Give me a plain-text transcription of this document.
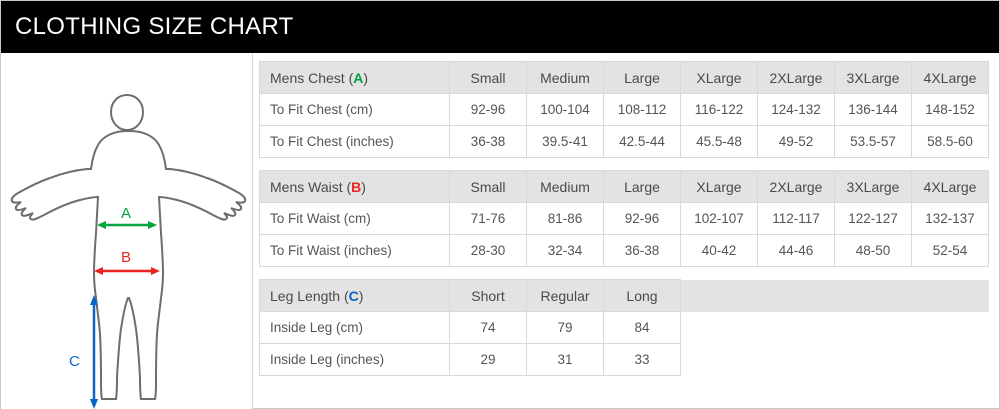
CLOTHING SIZE CHART
A
B
C
Mens Chest (A)	Small	Medium	Large	XLarge	2XLarge	3XLarge	4XLarge
To Fit Chest (cm)	92-96	100-104	108-112	116-122	124-132	136-144	148-152
To Fit Chest (inches)	36-38	39.5-41	42.5-44	45.5-48	49-52	53.5-57	58.5-60
Mens Waist (B)	Small	Medium	Large	XLarge	2XLarge	3XLarge	4XLarge
To Fit Waist (cm)	71-76	81-86	92-96	102-107	112-117	122-127	132-137
To Fit Waist (inches)	28-30	32-34	36-38	40-42	44-46	48-50	52-54
Leg Length (C)	Short	Regular	Long				
Inside Leg (cm)	74	79	84				
Inside Leg (inches)	29	31	33				
